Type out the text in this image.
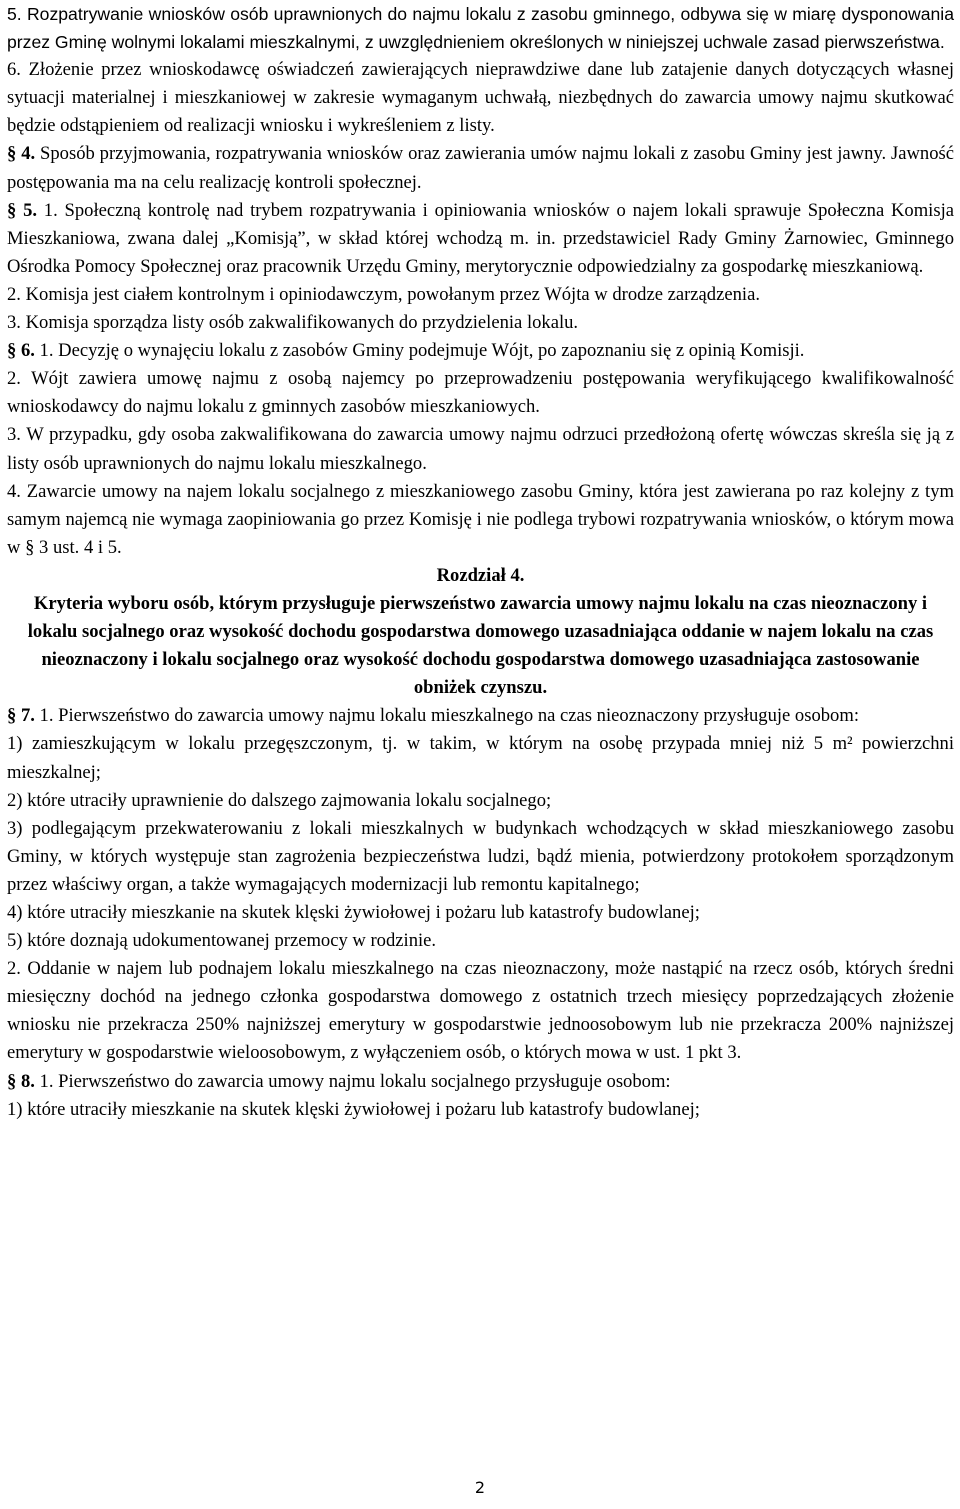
5. Rozpatrywanie wniosków osób uprawnionych do najmu lokalu z zasobu gminnego, odbywa się w miarę dysponowania przez Gminę wolnymi lokalami mieszkalnymi, z uwzględnieniem określonych w niniejszej uchwale zasad pierwszeństwa.

6. Złożenie przez wnioskodawcę oświadczeń zawierających nieprawdziwe dane lub zatajenie danych dotyczących własnej sytuacji materialnej i mieszkaniowej w zakresie wymaganym uchwałą, niezbędnych do zawarcia umowy najmu skutkować będzie odstąpieniem od realizacji wniosku i wykreśleniem z listy.

§ 4. Sposób przyjmowania, rozpatrywania wniosków oraz zawierania umów najmu lokali z zasobu Gminy jest jawny. Jawność postępowania ma na celu realizację kontroli społecznej.

§ 5. 1. Społeczną kontrolę nad trybem rozpatrywania i opiniowania wniosków o najem lokali sprawuje Społeczna Komisja Mieszkaniowa, zwana dalej „Komisją”, w skład której wchodzą m. in. przedstawiciel Rady Gminy Żarnowiec, Gminnego Ośrodka Pomocy Społecznej oraz pracownik Urzędu Gminy, merytorycznie odpowiedzialny za gospodarkę mieszkaniową.

2. Komisja jest ciałem kontrolnym i opiniodawczym, powołanym przez Wójta w drodze zarządzenia.

3. Komisja sporządza listy osób zakwalifikowanych do przydzielenia lokalu.

§ 6. 1. Decyzję o wynajęciu lokalu z zasobów Gminy podejmuje Wójt, po zapoznaniu się z opinią Komisji.

2. Wójt zawiera umowę najmu z osobą najemcy po przeprowadzeniu postępowania weryfikującego kwalifikowalność wnioskodawcy do najmu lokalu z gminnych zasobów mieszkaniowych.

3. W przypadku, gdy osoba zakwalifikowana do zawarcia umowy najmu odrzuci przedłożoną ofertę wówczas skreśla się ją z listy osób uprawnionych do najmu lokalu mieszkalnego.

4. Zawarcie umowy na najem lokalu socjalnego z mieszkaniowego zasobu Gminy, która jest zawierana po raz kolejny z tym samym najemcą nie wymaga zaopiniowania go przez Komisję i nie podlega trybowi rozpatrywania wniosków, o którym mowa w § 3 ust. 4 i 5.

Rozdział 4.

Kryteria wyboru osób, którym przysługuje pierwszeństwo zawarcia umowy najmu lokalu na czas nieoznaczony i lokalu socjalnego oraz wysokość dochodu gospodarstwa domowego uzasadniająca oddanie w najem lokalu na czas nieoznaczony i lokalu socjalnego oraz wysokość dochodu gospodarstwa domowego uzasadniająca zastosowanie obniżek czynszu.

§ 7. 1. Pierwszeństwo do zawarcia umowy najmu lokalu mieszkalnego na czas nieoznaczony przysługuje osobom:

1) zamieszkującym w lokalu przegęszczonym, tj. w takim, w którym na osobę przypada mniej niż 5 m² powierzchni mieszkalnej;

2) które utraciły uprawnienie do dalszego zajmowania lokalu socjalnego;

3) podlegającym przekwaterowaniu z lokali mieszkalnych w budynkach wchodzących w skład mieszkaniowego zasobu Gminy, w których występuje stan zagrożenia bezpieczeństwa ludzi, bądź mienia, potwierdzony protokołem sporządzonym przez właściwy organ, a także wymagających modernizacji lub remontu kapitalnego;

4) które utraciły mieszkanie na skutek klęski żywiołowej i pożaru lub katastrofy budowlanej;

5) które doznają udokumentowanej przemocy w rodzinie.

2. Oddanie w najem lub podnajem lokalu mieszkalnego na czas nieoznaczony, może nastąpić na rzecz osób, których średni miesięczny dochód na jednego członka gospodarstwa domowego z ostatnich trzech miesięcy poprzedzających złożenie wniosku nie przekracza 250% najniższej emerytury w gospodarstwie jednoosobowym lub nie przekracza 200% najniższej emerytury w gospodarstwie wieloosobowym, z wyłączeniem osób, o których mowa w ust. 1 pkt 3.

§ 8. 1. Pierwszeństwo do zawarcia umowy najmu lokalu socjalnego przysługuje osobom:

1) które utraciły mieszkanie na skutek klęski żywiołowej i pożaru lub katastrofy budowlanej;

2
